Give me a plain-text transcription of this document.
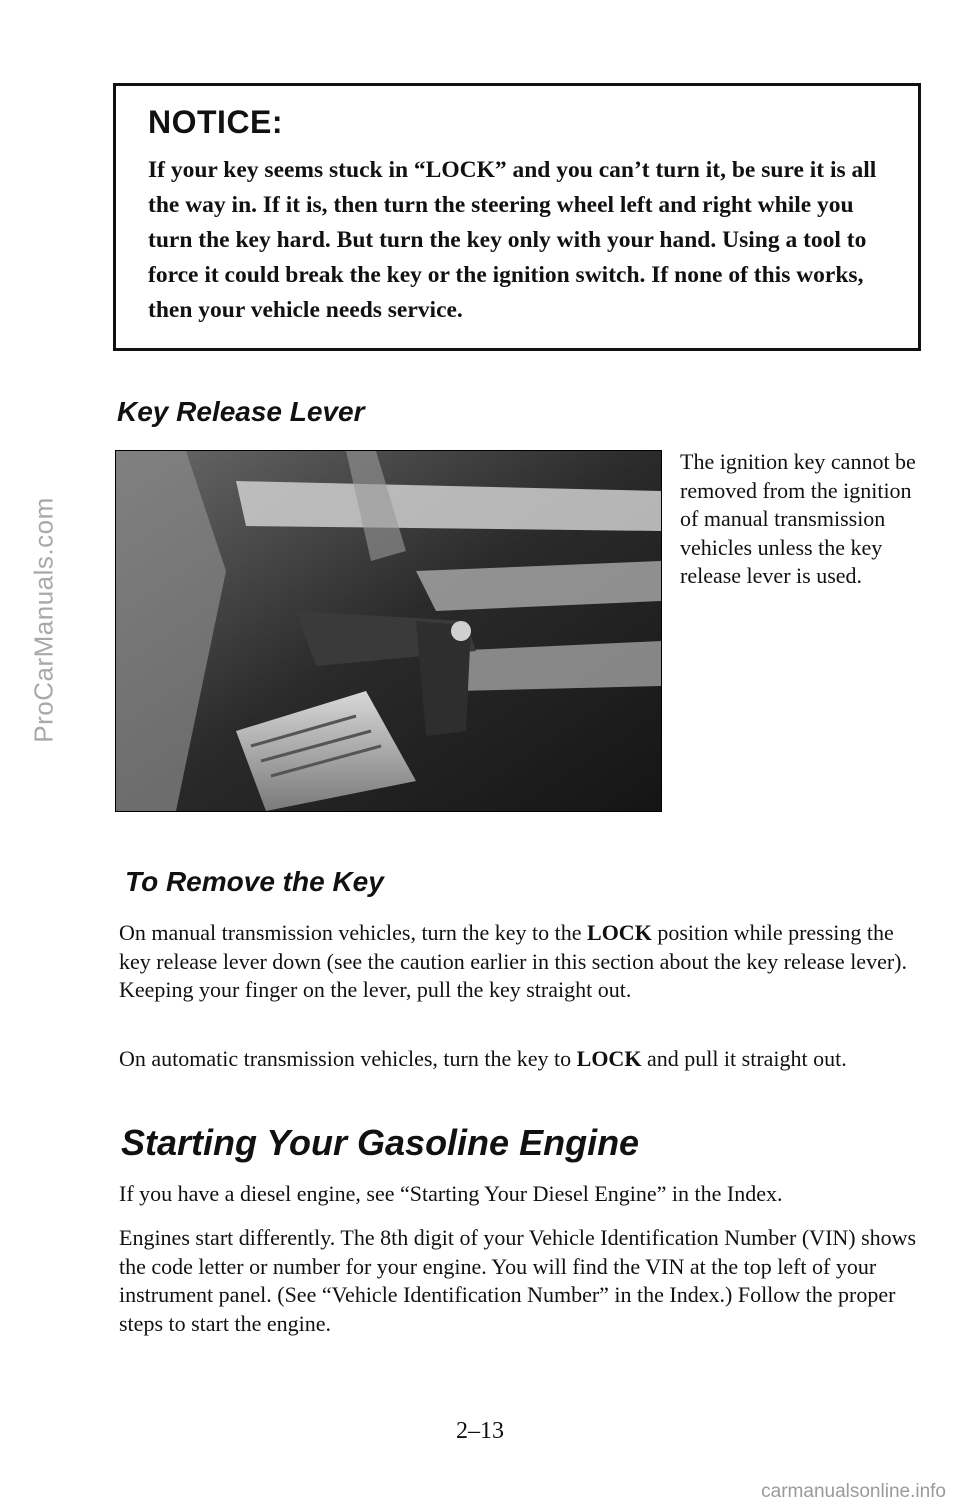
ProCarManuals.com

NOTICE:

If your key seems stuck in “LOCK” and you can’t turn it, be sure it is all the way in. If it is, then turn the steering wheel left and right while you turn the key hard. But turn the key only with your hand. Using a tool to force it could break the key or the ignition switch. If none of this works, then your vehicle needs service.

Key Release Lever

The ignition key cannot be removed from the ignition of manual transmission vehicles unless the key release lever is used.

To Remove the Key

On manual transmission vehicles, turn the key to the LOCK position while pressing the key release lever down (see the caution earlier in this section about the key release lever). Keeping your finger on the lever, pull the key straight out.

On automatic transmission vehicles, turn the key to LOCK and pull it straight out.

Starting Your Gasoline Engine

If you have a diesel engine, see “Starting Your Diesel Engine” in the Index.

Engines start differently. The 8th digit of your Vehicle Identification Number (VIN) shows the code letter or number for your engine. You will find the VIN at the top left of your instrument panel. (See “Vehicle Identification Number” in the Index.) Follow the proper steps to start the engine.

2–13
carmanualsonline.info
